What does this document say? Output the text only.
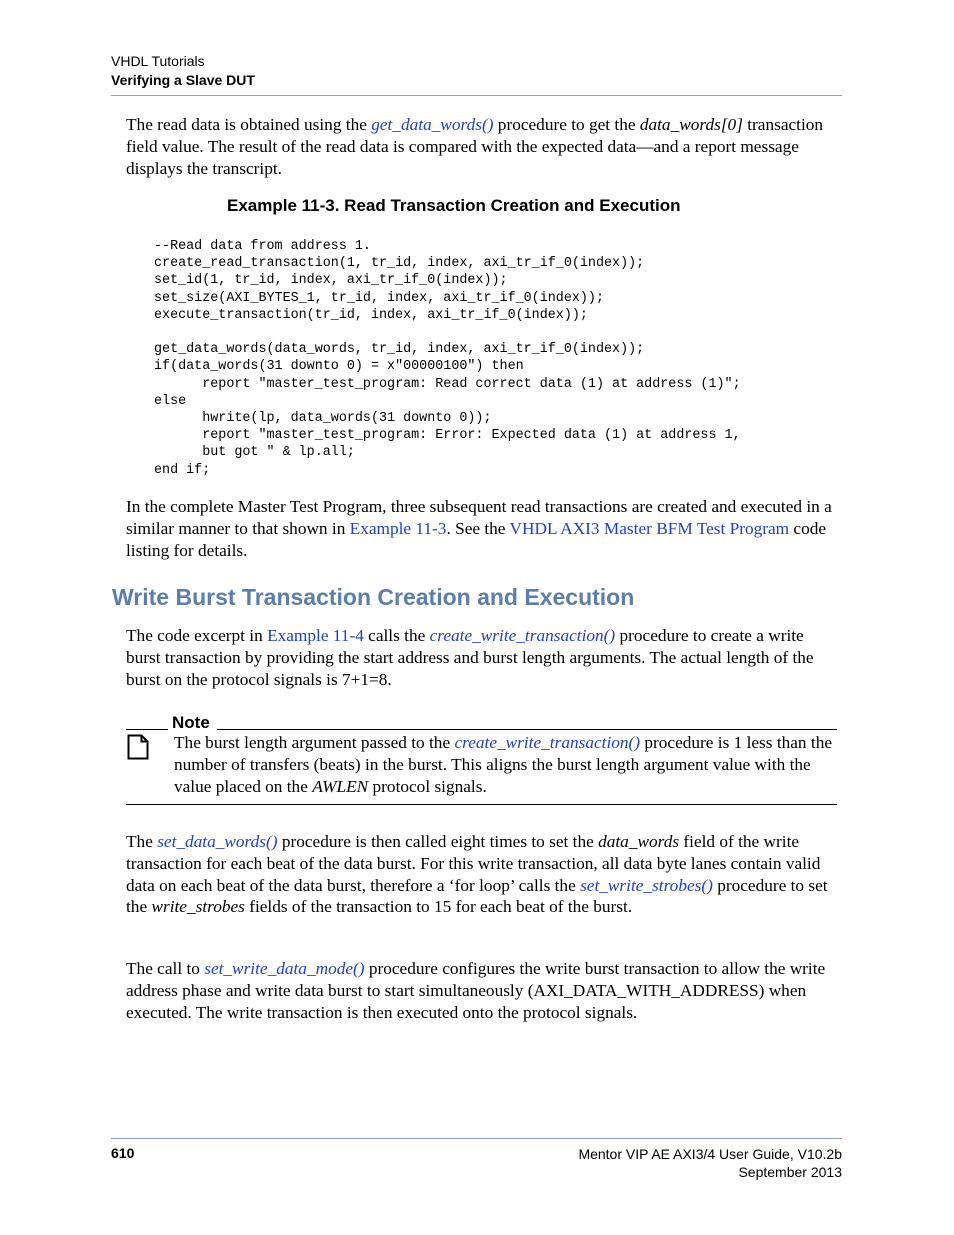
VHDL Tutorials
Verifying a Slave DUT

The read data is obtained using the get_data_words() procedure to get the data_words[0] transaction field value. The result of the read data is compared with the expected data—and a report message displays the transcript.

Example 11-3. Read Transaction Creation and Execution
--Read data from address 1.
create_read_transaction(1, tr_id, index, axi_tr_if_0(index));
set_id(1, tr_id, index, axi_tr_if_0(index));
set_size(AXI_BYTES_1, tr_id, index, axi_tr_if_0(index));
execute_transaction(tr_id, index, axi_tr_if_0(index));

get_data_words(data_words, tr_id, index, axi_tr_if_0(index));
if(data_words(31 downto 0) = x"00000100") then
report "master_test_program: Read correct data (1) at address (1)";
else
hwrite(lp, data_words(31 downto 0));
report "master_test_program: Error: Expected data (1) at address 1,
but got " & lp.all;
end if;

In the complete Master Test Program, three subsequent read transactions are created and executed in a similar manner to that shown in Example 11-3. See the VHDL AXI3 Master BFM Test Program code listing for details.

Write Burst Transaction Creation and Execution

The code excerpt in Example 11-4 calls the create_write_transaction() procedure to create a write burst transaction by providing the start address and burst length arguments. The actual length of the burst on the protocol signals is 7+1=8.

Note
The burst length argument passed to the create_write_transaction() procedure is 1 less than the number of transfers (beats) in the burst. This aligns the burst length argument value with the value placed on the AWLEN protocol signals.

The set_data_words() procedure is then called eight times to set the data_words field of the write transaction for each beat of the data burst. For this write transaction, all data byte lanes contain valid data on each beat of the data burst, therefore a ‘for loop’ calls the set_write_strobes() procedure to set the write_strobes fields of the transaction to 15 for each beat of the burst.

The call to set_write_data_mode() procedure configures the write burst transaction to allow the write address phase and write data burst to start simultaneously (AXI_DATA_WITH_ADDRESS) when executed. The write transaction is then executed onto the protocol signals.

610	Mentor VIP AE AXI3/4 User Guide, V10.2b
September 2013
